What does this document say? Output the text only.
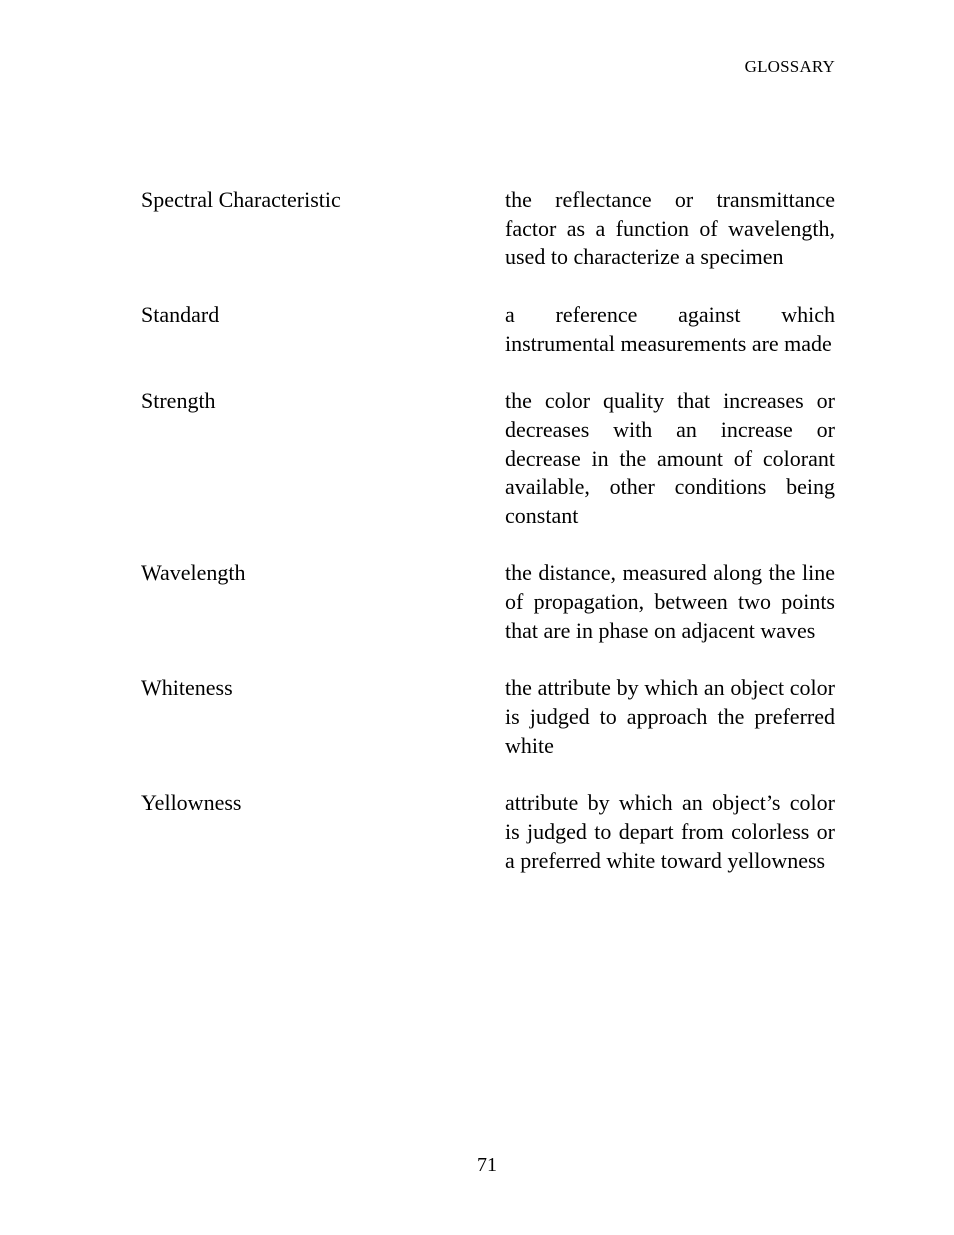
GLOSSARY
Spectral Characteristic	the reflectance or transmittance factor as a function of wavelength, used to characterize a specimen
Standard	a reference against which instrumental measurements are made
Strength	the color quality that increases or decreases with an increase or decrease in the amount of colorant available, other conditions being constant
Wavelength	the distance, measured along the line of propagation, between two points that are in phase on adjacent waves
Whiteness	the attribute by which an object color is judged to approach the preferred white
Yellowness	attribute by which an object’s color is judged to depart from colorless or a preferred white toward yellowness
71
